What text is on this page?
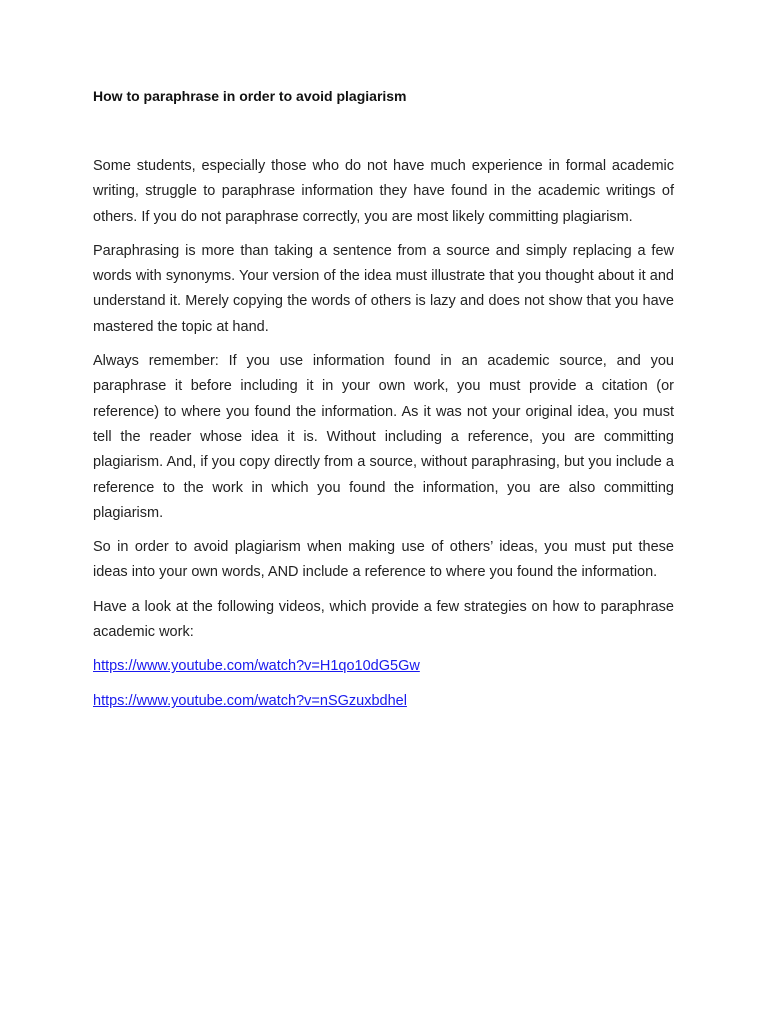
How to paraphrase in order to avoid plagiarism

Some students, especially those who do not have much experience in formal academic writing, struggle to paraphrase information they have found in the academic writings of others. If you do not paraphrase correctly, you are most likely committing plagiarism.

Paraphrasing is more than taking a sentence from a source and simply replacing a few words with synonyms. Your version of the idea must illustrate that you thought about it and understand it. Merely copying the words of others is lazy and does not show that you have mastered the topic at hand.

Always remember: If you use information found in an academic source, and you paraphrase it before including it in your own work, you must provide a citation (or reference) to where you found the information. As it was not your original idea, you must tell the reader whose idea it is. Without including a reference, you are committing plagiarism. And, if you copy directly from a source, without paraphrasing, but you include a reference to the work in which you found the information, you are also committing plagiarism.

So in order to avoid plagiarism when making use of others’ ideas, you must put these ideas into your own words, AND include a reference to where you found the information.

Have a look at the following videos, which provide a few strategies on how to paraphrase academic work:

https://www.youtube.com/watch?v=H1qo10dG5Gw
https://www.youtube.com/watch?v=nSGzuxbdhel
